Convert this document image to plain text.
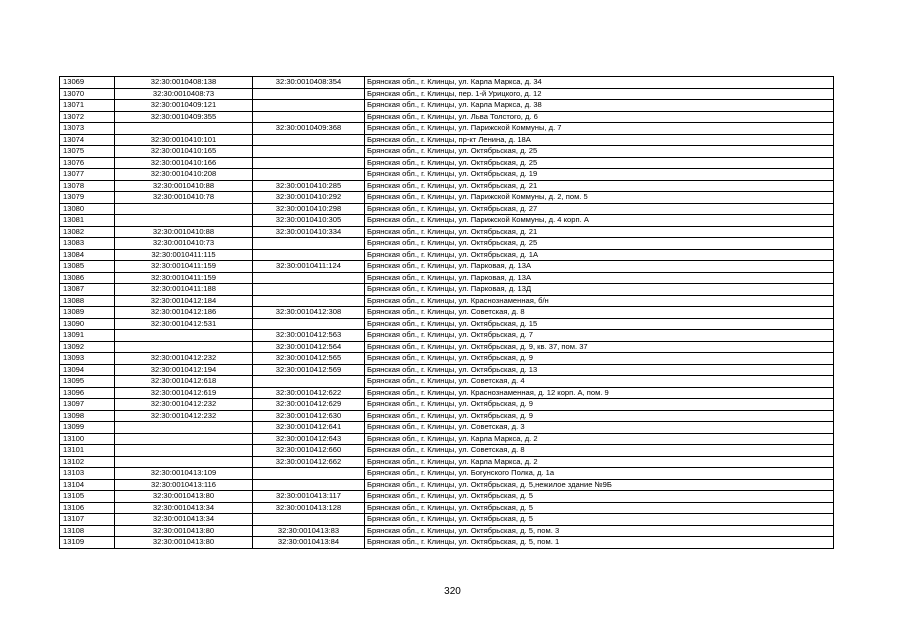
13069	32:30:0010408:138	32:30:0010408:354	Брянская обл., г. Клинцы, ул. Карла Маркса, д. 34
13070	32:30:0010408:73		Брянская обл., г. Клинцы, пер. 1-й Урицкого, д. 12
13071	32:30:0010409:121		Брянская обл., г. Клинцы, ул. Карла Маркса, д. 38
13072	32:30:0010409:355		Брянская обл., г. Клинцы, ул. Льва Толстого, д. 6
13073		32:30:0010409:368	Брянская обл., г. Клинцы, ул. Парижской Коммуны, д. 7
13074	32:30:0010410:101		Брянская обл., г. Клинцы, пр-кт Ленина, д. 18А
13075	32:30:0010410:165		Брянская обл., г. Клинцы, ул. Октябрьская, д. 25
13076	32:30:0010410:166		Брянская обл., г. Клинцы, ул. Октябрьская, д. 25
13077	32:30:0010410:208		Брянская обл., г. Клинцы, ул. Октябрьская, д. 19
13078	32:30:0010410:88	32:30:0010410:285	Брянская обл., г. Клинцы, ул. Октябрьская, д. 21
13079	32:30:0010410:78	32:30:0010410:292	Брянская обл., г. Клинцы, ул. Парижской Коммуны, д. 2, пом. 5
13080		32:30:0010410:298	Брянская обл., г. Клинцы, ул. Октябрьская, д. 27
13081		32:30:0010410:305	Брянская обл., г. Клинцы, ул. Парижской Коммуны, д. 4 корп. А
13082	32:30:0010410:88	32:30:0010410:334	Брянская обл., г. Клинцы, ул. Октябрьская, д. 21
13083	32:30:0010410:73		Брянская обл., г. Клинцы, ул. Октябрьская, д. 25
13084	32:30:0010411:115		Брянская обл., г. Клинцы, ул. Октябрьская, д. 1А
13085	32:30:0010411:159	32:30:0010411:124	Брянская обл., г. Клинцы, ул. Парковая, д. 13А
13086	32:30:0010411:159		Брянская обл., г. Клинцы, ул. Парковая, д. 13А
13087	32:30:0010411:188		Брянская обл., г. Клинцы, ул. Парковая, д. 13Д
13088	32:30:0010412:184		Брянская обл., г. Клинцы, ул. Краснознаменная, б/н
13089	32:30:0010412:186	32:30:0010412:308	Брянская обл., г. Клинцы, ул. Советская, д. 8
13090	32:30:0010412:531		Брянская обл., г. Клинцы, ул. Октябрьская, д. 15
13091		32:30:0010412:563	Брянская обл., г. Клинцы, ул. Октябрьская, д. 7
13092		32:30:0010412:564	Брянская обл., г. Клинцы, ул. Октябрьская, д. 9, кв. 37, пом. 37
13093	32:30:0010412:232	32:30:0010412:565	Брянская обл., г. Клинцы, ул. Октябрьская, д. 9
13094	32:30:0010412:194	32:30:0010412:569	Брянская обл., г. Клинцы, ул. Октябрьская, д. 13
13095	32:30:0010412:618		Брянская обл., г. Клинцы, ул. Советская, д. 4
13096	32:30:0010412:619	32:30:0010412:622	Брянская обл., г. Клинцы, ул. Краснознаменная, д. 12 корп. А, пом. 9
13097	32:30:0010412:232	32:30:0010412:629	Брянская обл., г. Клинцы, ул. Октябрьская, д. 9
13098	32:30:0010412:232	32:30:0010412:630	Брянская обл., г. Клинцы, ул. Октябрьская, д. 9
13099		32:30:0010412:641	Брянская обл., г. Клинцы, ул. Советская, д. 3
13100		32:30:0010412:643	Брянская обл., г. Клинцы, ул. Карла Маркса, д. 2
13101		32:30:0010412:660	Брянская обл., г. Клинцы, ул. Советская, д. 8
13102		32:30:0010412:662	Брянская обл., г. Клинцы, ул. Карла Маркса, д. 2
13103	32:30:0010413:109		Брянская обл., г. Клинцы, ул. Богунского Полка, д. 1а
13104	32:30:0010413:116		Брянская обл., г. Клинцы, ул. Октябрьская, д. 5,нежилое здание №9Б
13105	32:30:0010413:80	32:30:0010413:117	Брянская обл., г. Клинцы, ул. Октябрьская, д. 5
13106	32:30:0010413:34	32:30:0010413:128	Брянская обл., г. Клинцы, ул. Октябрьская, д. 5
13107	32:30:0010413:34		Брянская обл., г. Клинцы, ул. Октябрьская, д. 5
13108	32:30:0010413:80	32:30:0010413:83	Брянская обл., г. Клинцы, ул. Октябрьская, д. 5, пом. 3
13109	32:30:0010413:80	32:30:0010413:84	Брянская обл., г. Клинцы, ул. Октябрьская, д. 5, пом. 1
320
